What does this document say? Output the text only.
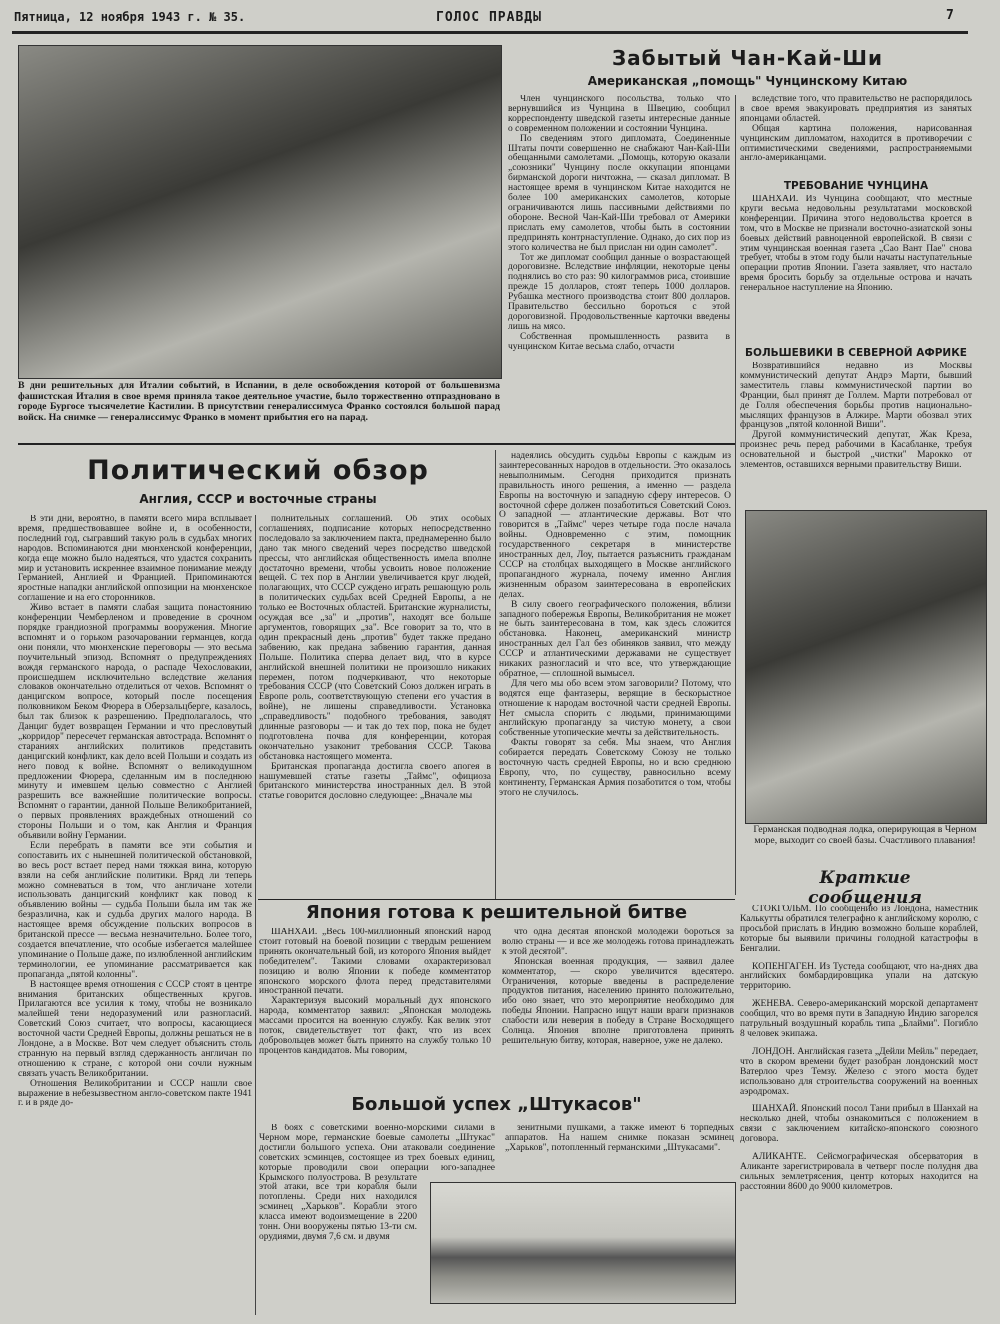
Пятница, 12 ноября 1943 г. № 35.	ГОЛОС ПРАВДЫ	7
В дни решительных для Италии событий, в Испании, в деле освобождения которой от большевизма фашистская Италия в свое время приняла такое деятельное участие, было торжественно отпраздновано в городе Бургосе тысячелетие Кастилии. В присутствии генералиссимуса Франко состоялся большой парад войск. На снимке — генералиссимус Франко в момент прибытия его на парад.
Забытый Чан-Кай-Ши
Американская „помощь" Чунцинскому Китаю

Член чунцинского посольства, только что вернувшийся из Чунцина в Швецию, сообщил корреспонденту шведской газеты интересные данные о современном положении и состоянии Чунцина.

По сведениям этого дипломата, Соединенные Штаты почти совершенно не снабжают Чан-Кай-Ши обещанными самолетами. „Помощь, которую оказали „союзники" Чунцину после оккупации японцами бирманской дороги ничтожна, — сказал дипломат. В настоящее время в чунцинском Китае находится не более 100 американских самолетов, которые ограничиваются лишь пассивными действиями по обороне. Весной Чан-Кай-Ши требовал от Америки прислать ему самолетов, чтобы быть в состоянии предпринять контрнаступление. Однако, до сих пор из этого количества не был прислан ни один самолет".

Тот же дипломат сообщил данные о возрастающей дороговизне. Вследствие инфляции, некоторые цены поднялись во сто раз: 90 килограммов риса, стоившие прежде 15 долларов, стоят теперь 1000 долларов. Рубашка местного производства стоит 800 долларов. Правительство бессильно бороться с этой дороговизной. Продовольственные карточки введены лишь на мясо.

Собственная промышленность развита в чунцинском Китае весьма слабо, отчасти

вследствие того, что правительство не распорядилось в свое время эвакуировать предприятия из занятых японцами областей.

Общая картина положения, нарисованная чунцинским дипломатом, находится в противоречии с оптимистическими сведениями, распространяемыми англо-американцами.

ТРЕБОВАНИЕ ЧУНЦИНА

ШАНХАЙ. Из Чунцина сообщают, что местные круги весьма недовольны результатами московской конференции. Причина этого недовольства кроется в том, что в Москве не признали восточно-азиатской зоны боевых действий равноценной европейской. В связи с этим чунцинская военная газета „Сао Вант Пае" снова требует, чтобы в этом году были начаты наступательные операции против Японии. Газета заявляет, что настало время бросить борьбу за отдельные острова и начать генеральное наступление на Японию.

БОЛЬШЕВИКИ В СЕВЕРНОЙ АФРИКЕ

Возвратившийся недавно из Москвы коммунистический депутат Андрэ Марти, бывший заместитель главы коммунистической партии во Франции, был принят де Голлем. Марти потребовал от де Голля обеспечения борьбы против национально-мыслящих французов в Алжире. Марти обозвал этих французов „пятой колонной Виши".

Другой коммунистический депутат, Жак Креза, произнес речь перед рабочими в Касабланке, требуя основательной и быстрой „чистки" Марокко от элементов, оставшихся верными правительству Виши.

Политический обзор
Англия, СССР и восточные страны

В эти дни, вероятно, в памяти всего мира всплывает время, предшествовавшее войне и, в особенности, последний год, сыгравший такую роль в судьбах многих народов. Вспоминаются дни мюнхенской конференции, когда еще можно было надеяться, что удастся сохранить мир и установить искреннее взаимное понимание между Германией, Англией и Францией. Припоминаются яростные нападки английской оппозиции на мюнхенское соглашение и на его сторонников.

Живо встает в памяти слабая защита понастоянию конференции Чемберленом и проведение в срочном порядке грандиозной программы вооружения. Многие вспомнят и о горьком разочаровании германцев, когда они поняли, что мюнхенские переговоры — это весьма поучительный эпизод. Вспомнят о предупреждениях вождя германского народа, о распаде Чехословакии, происшедшем исключительно вследствие желания словаков окончательно отделиться от чехов. Вспомнят о данцигском вопросе, который после посещения полковником Беком Фюрера в Оберзальцберге, казалось, был так близок к разрешению. Предполагалось, что Данциг будет возвращен Германии и что пресловутый „корридор" пересечет германская автострада. Вспомнят о старанияx английских политиков представить данцигский конфликт, как дело всей Польши и создать из него повод к войне. Вспомнят о великодушном предложении Фюрера, сделанным им в последнюю минуту и имевшем целью совместно с Англией разрешить все важнейшие политические вопросы. Вспомнят о гарантии, данной Польше Великобританией, о первых проявлениях враждебных отношений со стороны Польши и о том, как Англия и Франция объявили войну Германии.

Если перебрать в памяти все эти события и сопоставить их с нынешней политической обстановкой, во весь рост встает перед нами тяжкая вина, которую взяли на себя английские политики. Вряд ли теперь можно сомневаться в том, что англичане хотели использовать данцигский конфликт как повод к объявлению войны — судьба Польши была им так же безразлична, как и судьба других малого народа. В настоящее время обсуждение польских вопросов в британской прессе — весьма незначительно. Более того, создается впечатление, что особые избегается малейшее упоминание о Польше даже, по излюбленной английским терминологии, ее упоминание рассматривается как пропаганда „пятой колонны".

В настоящее время отношения с СССР стоят в центре внимания британских общественных кругов. Прилагаются все усилия к тому, чтобы не возникало малейшей тени недоразумений или разногласий. Советский Союз считает, что вопросы, касающиеся восточной части Средней Европы, должны решаться не в Лондоне, а в Москве. Вот чем следует объяснить столь странную на первый взгляд сдержанность англичан по отношению к стране, с которой они сочли нужным связать участь Великобритании.

Отношения Великобритании и СССР нашли свое выражение в небезызвестном англо-советском пакте 1941 г. и в ряде до-

полнительных соглашений. Об этих особых соглашениях, подписание которых непосредственно последовало за заключением пакта, преднамеренно было дано так много сведений через посредство шведской прессы, что английская общественность имела вполне достаточно времени, чтобы усвоить новое положение вещей. С тех пор в Англии увеличивается круг людей, полагающих, что СССР суждено играть решающую роль в политических судьбах всей Средней Европы, а не только ее Восточных областей. Британские журналисты, осуждая все „за" и „против", находят все больше аргументов, говорящих „за". Все говорит за то, что в один прекрасный день „против" будет также предано забвению, как предана забвению гарантия, данная Польше. Политика сперва делает вид, что в курсе английской внешней политики не произошло никаких перемен, потом подчеркивают, что некоторые требования СССР (что Советский Союз должен играть в Европе роль, соответствующую степени его участия в войне), не лишены справедливости. Установка „справедливость" подобного требования, заводят длинные разговоры — и так до тех пор, пока не будет подготовлена почва для конференции, которая окончательно узаконит требования СССР. Такова обстановка настоящего момента.

Британская пропаганда достигла своего апогея в нашумевшей статье газеты „Таймс", официоза британского министерства иностранных дел. В этой статье говорится дословно следующее: „Вначале мы

надеялись обсудить судьбы Европы с каждым из заинтересованных народов в отдельности. Это оказалось невыполнимым. Сегодня приходится признать правильность иного решения, а именно — раздела Европы на восточную и западную сферу интересов. О восточной сфере должен позаботиться Советский Союз. О западной — атлантические державы. Вот что говорится в „Таймс" через четыре года после начала войны. Одновременно с этим, помощник государственного секретаря в министерстве иностранных дел, Лоу, пытается разъяснить гражданам СССР на столбцах выходящего в Москве английского пропагандного журнала, почему именно Англия жизненным образом заинтересована в европейских делах.

В силу своего географического положения, вблизи западного побережья Европы, Великобритания не может не быть заинтересована в том, как здесь сложится обстановка. Наконец, американский министр иностранных дел Гал без обиняков заявил, что между СССР и атлантическими державами не существует никаких разногласий и что все, что утверждающие обратное, — сплошной вымысел.

Для чего мы обо всем этом заговорили? Потому, что водятся еще фантазеры, верящие в бескорыстное отношение к народам восточной части средней Европы. Нет смысла спорить с людьми, принимающими английскую пропаганду за чистую монету, а свои собственные утопические мечты за действительность.

Факты говорят за себя. Мы знаем, что Англия собирается передать Советскому Союзу не только восточную часть средней Европы, но и всю среднюю Европу, что, по существу, равносильно всему континенту, Германская Армия позаботится о том, чтобы этого не случилось.

Япония готова к решительной битве

ШАНХАЙ. „Весь 100-миллионный японский народ стоит готовый на боевой позиции с твердым решением принять окончательный бой, из которого Япония выйдет победителем". Такими словами охарактеризовал позицию и волю Японии к победе комментатор японского морского флота перед представителями иностранной печати.

Характеризуя высокий моральный дух японского народа, комментатор заявил: „Японская молодежь массами просится на военную службу. Как велик этот поток, свидетельствует тот факт, что из всех добровольцев может быть принято на службу только 10 процентов кандидатов. Мы говорим,

что одна десятая японской молодежи бороться за волю страны — и все же молодежь готова принадлежать к этой десятой".

Японская военная продукция, — заявил далее комментатор, — скоро увеличится вдесятеро. Ограничения, которые введены в распределение продуктов питания, населению принято положительно, ибо оно знает, что это мероприятие необходимо для победы Японии. Напрасно ищут наши враги признаков слабости или неверия в победу в Стране Восходящего Солнца. Япония вполне приготовлена принять решительную битву, которая, наверное, уже не далеко.

Большой успех „Штукасов"

В боях с советскими военно-морскими силами в Черном море, германские боевые самолеты „Штукас" достигли большого успеха. Они атаковали соединение советских эсминцев, состоящее из трех боевых единиц, которые проводили свои операции юго-западнее Крымского полуострова. В результате этой атаки, все три корабля были потоплены. Среди них находился эсминец „Харьков". Корабли этого класса имеют водоизмещение в 2200 тонн. Они вооружены пятью 13-ти см. орудиями, двумя 7,6 см. и двумя

зенитными пушками, а также имеют 6 торпедных аппаратов. На нашем снимке показан эсминец „Харьков", потопленный германскими „Штукасами".

Германская подводная лодка, оперирующая в Черном море, выходит со своей базы. Счастливого плавания!
Краткие сообщения

СТОКГОЛЬМ. По сообщению из Лондона, наместник Калькутты обратился телеграфно к английскому королю, с просьбой прислать в Индию возможно больше кораблей, которые бы выявили причины голодной катастрофы в Бенгалии.

КОПЕНГАГЕН. Из Тустеда сообщают, что на-днях два английских бомбардировщика упали на датскую территорию.

ЖЕНЕВА. Северо-американский морской департамент сообщил, что во время пути в Западную Индию загорелся патрульный воздушный корабль типа „Блайми". Погибло 8 человек экипажа.

ЛОНДОН. Английская газета „Дейли Мейль" передает, что в скором времени будет разобран лондонский мост Ватерлоо чрез Темзу. Железо с этого моста будет использовано для строительства сооружений на военных аэродромах.

ШАНХАЙ. Японский посол Тани прибыл в Шанхай на несколько дней, чтобы ознакомиться с положением в связи с заключением китайско-японского союзного договора.

АЛИКАНТЕ. Сейсмографическая обсерватория в Аликанте зарегистрировала в четверг после полудня два сильных землетрясения, центр которых находится на расстоянии 8600 до 9000 километров.
